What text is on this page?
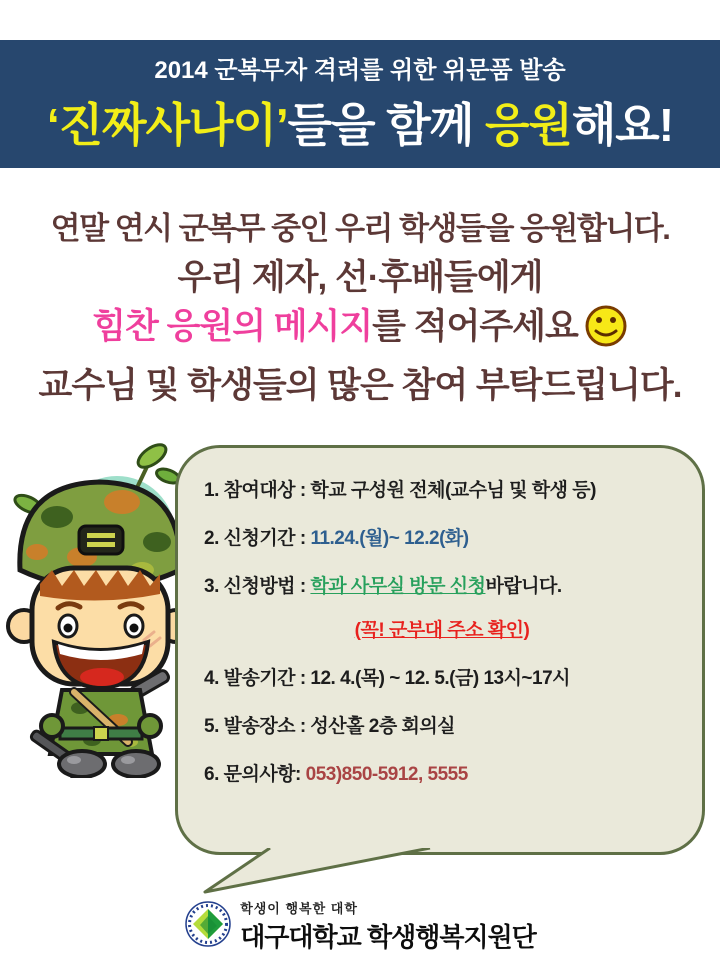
2014 군복무자 격려를 위한 위문품 발송
‘진짜사나이’들을 함께 응원해요!
연말 연시 군복무 중인 우리 학생들을 응원합니다.
우리 제자, 선·후배들에게
힘찬 응원의 메시지를 적어주세요
교수님 및 학생들의 많은 참여 부탁드립니다.
1. 참여대상 : 학교 구성원 전체(교수님 및 학생 등)
2. 신청기간 : 11.24.(월)~ 12.2(화)
3. 신청방법 : 학과 사무실 방문 신청바랍니다.
(꼭! 군부대 주소 확인)
4. 발송기간 : 12. 4.(목) ~ 12. 5.(금) 13시~17시
5. 발송장소 : 성산홀 2층 회의실
6. 문의사항: 053)850-5912, 5555
학생이 행복한 대학
대구대학교 학생행복지원단
